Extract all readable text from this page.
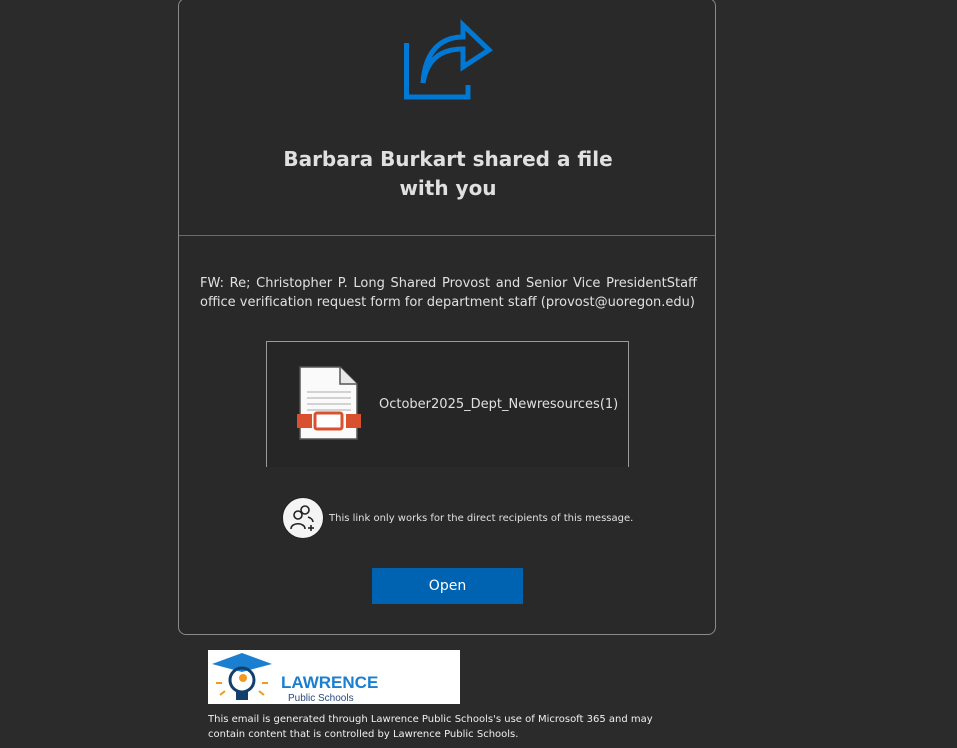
Barbara Burkart shared a file with you
FW: Re; Christopher P. Long Shared Provost and Senior Vice PresidentStaff office verification request form for department staff (provost@uoregon.edu)
October2025_Dept_Newresources(1)
This link only works for the direct recipients of this message.
Open
LAWRENCE
Public Schools
This email is generated through Lawrence Public Schools's use of Microsoft 365 and may contain content that is controlled by Lawrence Public Schools.
